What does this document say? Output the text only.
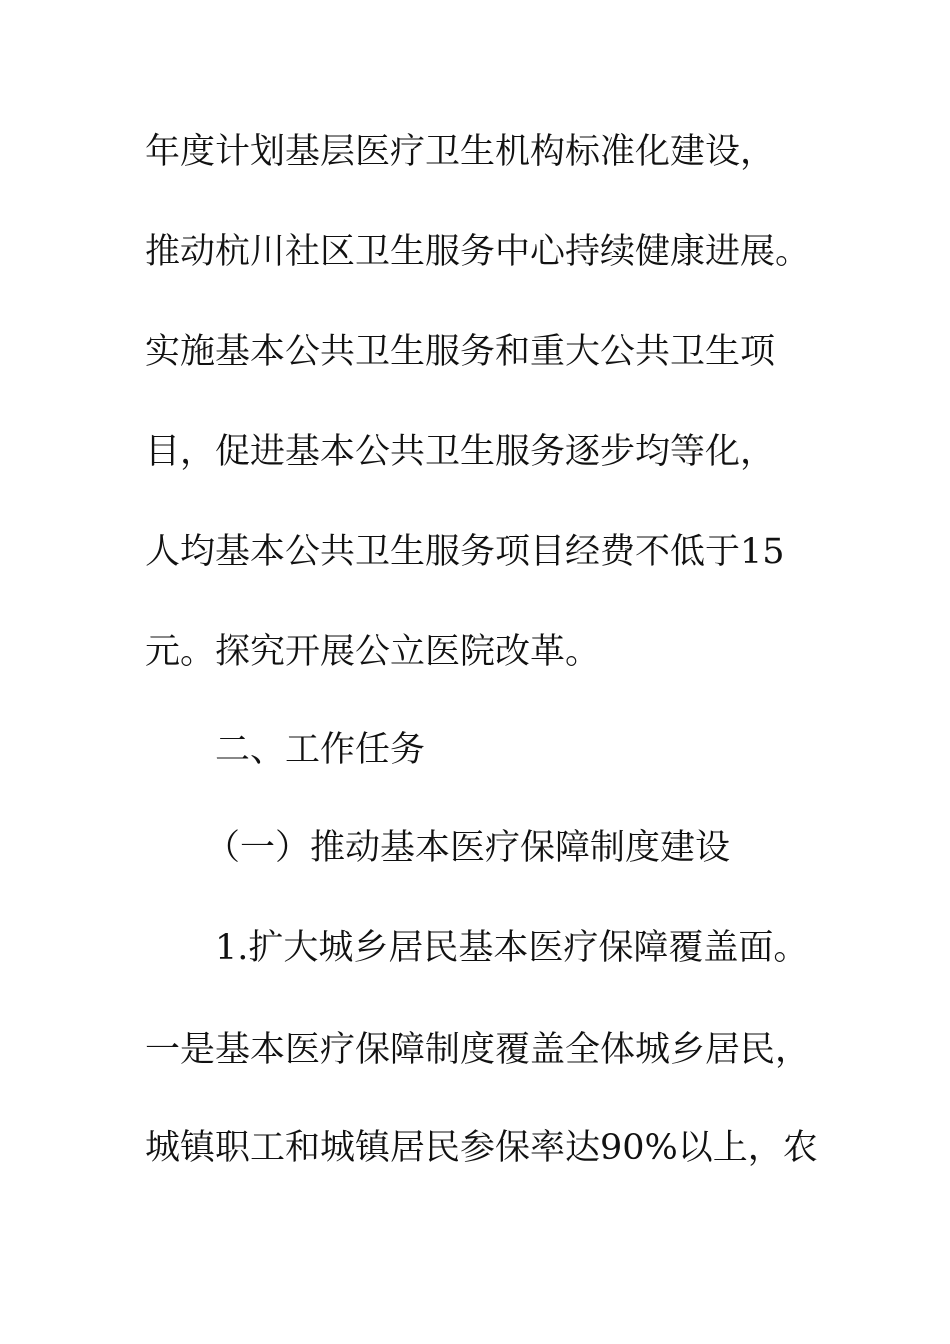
年度计划基层医疗卫生机构标准化建设，
推动杭川社区卫生服务中心持续健康进展。
实施基本公共卫生服务和重大公共卫生项
目，促进基本公共卫生服务逐步均等化，
人均基本公共卫生服务项目经费不低于15
元。探究开展公立医院改革。
二、工作任务
（一）推动基本医疗保障制度建设
1.扩大城乡居民基本医疗保障覆盖面。
一是基本医疗保障制度覆盖全体城乡居民，
城镇职工和城镇居民参保率达90%以上，农
